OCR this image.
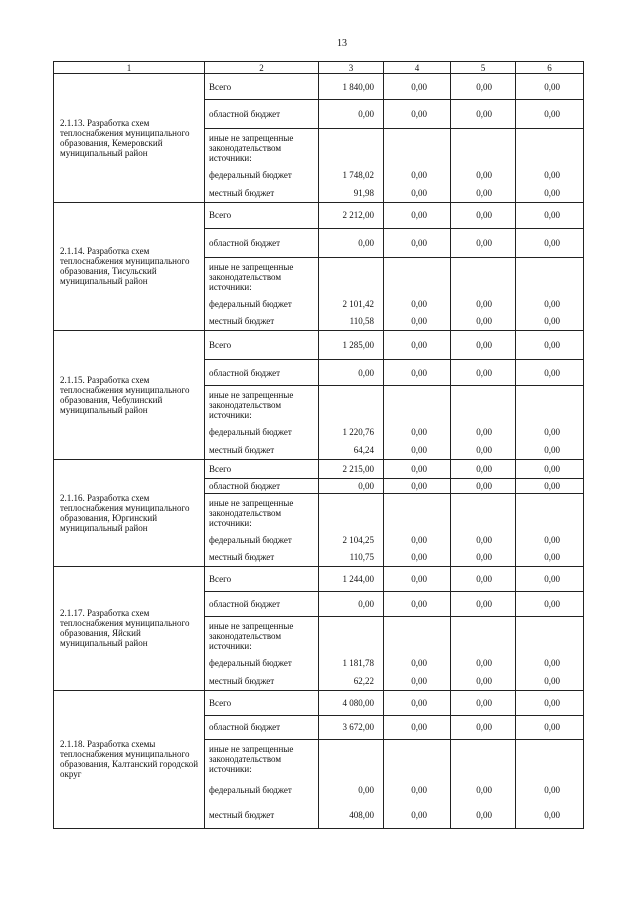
13
1	2	3	4	5	6
2.1.13. Разработка схем теплоснабжения муниципального образования, Кемеровский муниципальный район	Всего	1 840,00	0,00	0,00	0,00
	областной бюджет	0,00	0,00	0,00	0,00
	иные не запрещенные законодательством источники:				
	федеральный бюджет	1 748,02	0,00	0,00	0,00
	местный бюджет	91,98	0,00	0,00	0,00
2.1.14. Разработка схем теплоснабжения муниципального образования, Тисульский муниципальный район	Всего	2 212,00	0,00	0,00	0,00
	областной бюджет	0,00	0,00	0,00	0,00
	иные не запрещенные законодательством источники:				
	федеральный бюджет	2 101,42	0,00	0,00	0,00
	местный бюджет	110,58	0,00	0,00	0,00
2.1.15. Разработка схем теплоснабжения муниципального образования, Чебулинский муниципальный район	Всего	1 285,00	0,00	0,00	0,00
	областной бюджет	0,00	0,00	0,00	0,00
	иные не запрещенные законодательством источники:				
	федеральный бюджет	1 220,76	0,00	0,00	0,00
	местный бюджет	64,24	0,00	0,00	0,00
2.1.16. Разработка схем теплоснабжения муниципального образования, Юргинский муниципальный район	Всего	2 215,00	0,00	0,00	0,00
	областной бюджет	0,00	0,00	0,00	0,00
	иные не запрещенные законодательством источники:				
	федеральный бюджет	2 104,25	0,00	0,00	0,00
	местный бюджет	110,75	0,00	0,00	0,00
2.1.17. Разработка схем теплоснабжения муниципального образования, Яйский муниципальный район	Всего	1 244,00	0,00	0,00	0,00
	областной бюджет	0,00	0,00	0,00	0,00
	иные не запрещенные законодательством источники:				
	федеральный бюджет	1 181,78	0,00	0,00	0,00
	местный бюджет	62,22	0,00	0,00	0,00
2.1.18. Разработка схемы теплоснабжения муниципального образования, Калтанский городской округ	Всего	4 080,00	0,00	0,00	0,00
	областной бюджет	3 672,00	0,00	0,00	0,00
	иные не запрещенные законодательством источники:				
	федеральный бюджет	0,00	0,00	0,00	0,00
	местный бюджет	408,00	0,00	0,00	0,00
